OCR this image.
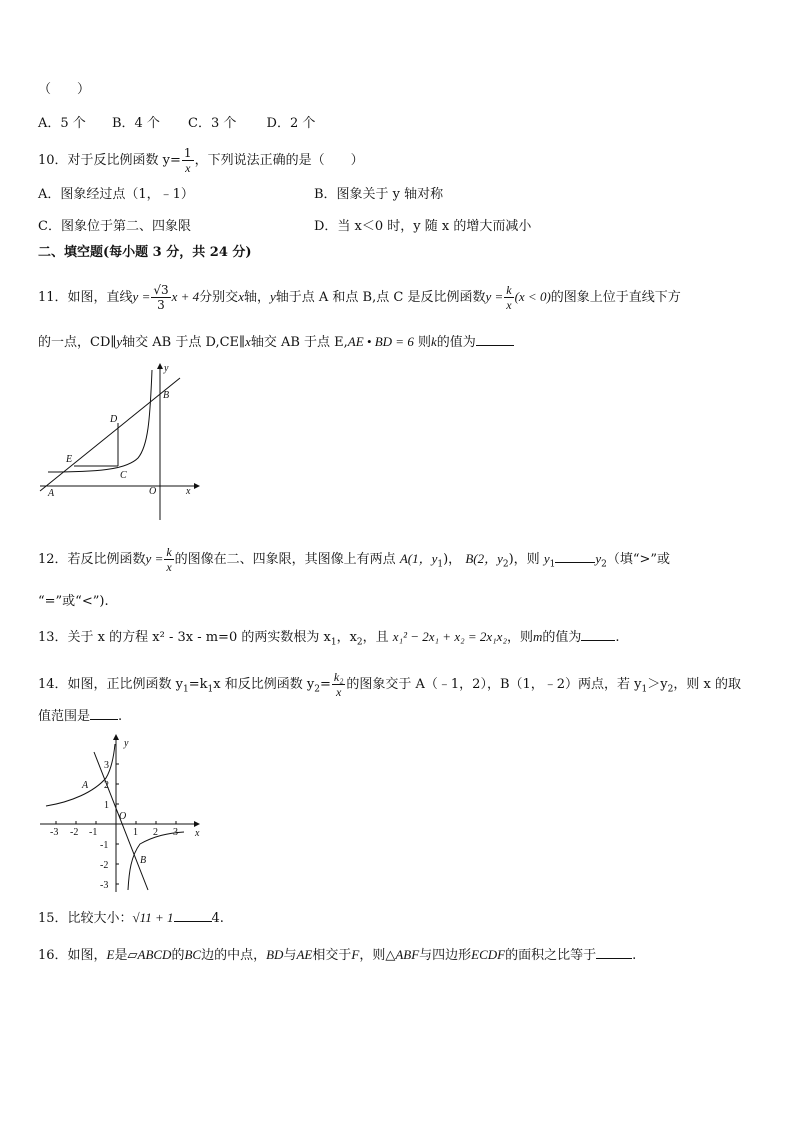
（　　）
A．5 个 B．4 个 C．3 个 D．2 个
10．对于反比例函数 $y= \frac{1}{x}$ ，下列说法正确的是（　　）
A．图象经过点（1，﹣1）	B．图象关于 y 轴对称
C．图象位于第二、四象限	D．当 x＜0 时，y 随 x 的增大而减小
二、填空题(每小题 3 分，共 24 分)
11．如图，直线$y = \frac{√3}{3}$ x + 4分别交x轴，y轴于点 A 和点 B,点 C 是反比例函数$y = \frac{k}{x} (x < 0)$的图象上位于直线下方
的一点，CD∥y轴交 AB 于点 D,CE∥x轴交 AB 于点 E,AE • BD = 6 则k的值为
y
B
D
E
C
A	O	x
12．若反比例函数$y = \frac{k}{x}$ 的图像在二、四象限，其图像上有两点 A(1，$y_1$)， B(2，$y_2$)，则 $y_1$	$y_2$（填“>”或
“=”或“<”).
13．关于 x 的方程 x² - 3x - m=0 的两实数根为 $x_1$，$x_2$，且 x₁² − 2x₁ + x₂ = 2x₁x₂，则m的值为	.
14．如图，正比例函数 $y_1=k_1x$ 和反比例函数 $y_2= \frac{\text{k₂}}{x}$ 的图象交于 A（﹣1，2），B（1，﹣2）两点，若 $y_1>y_2$，则 x 的取
值范围是 .
y
A
B
O
x
3
2
1
-1
-2
-3
-3 -2 -1	1 2 3
15．比较大小：√11 + 1	4.
16．如图，E是▱ABCD的BC边的中点，BD与AE相交于F，则△ABF与四边形ECDF的面积之比等于	.
